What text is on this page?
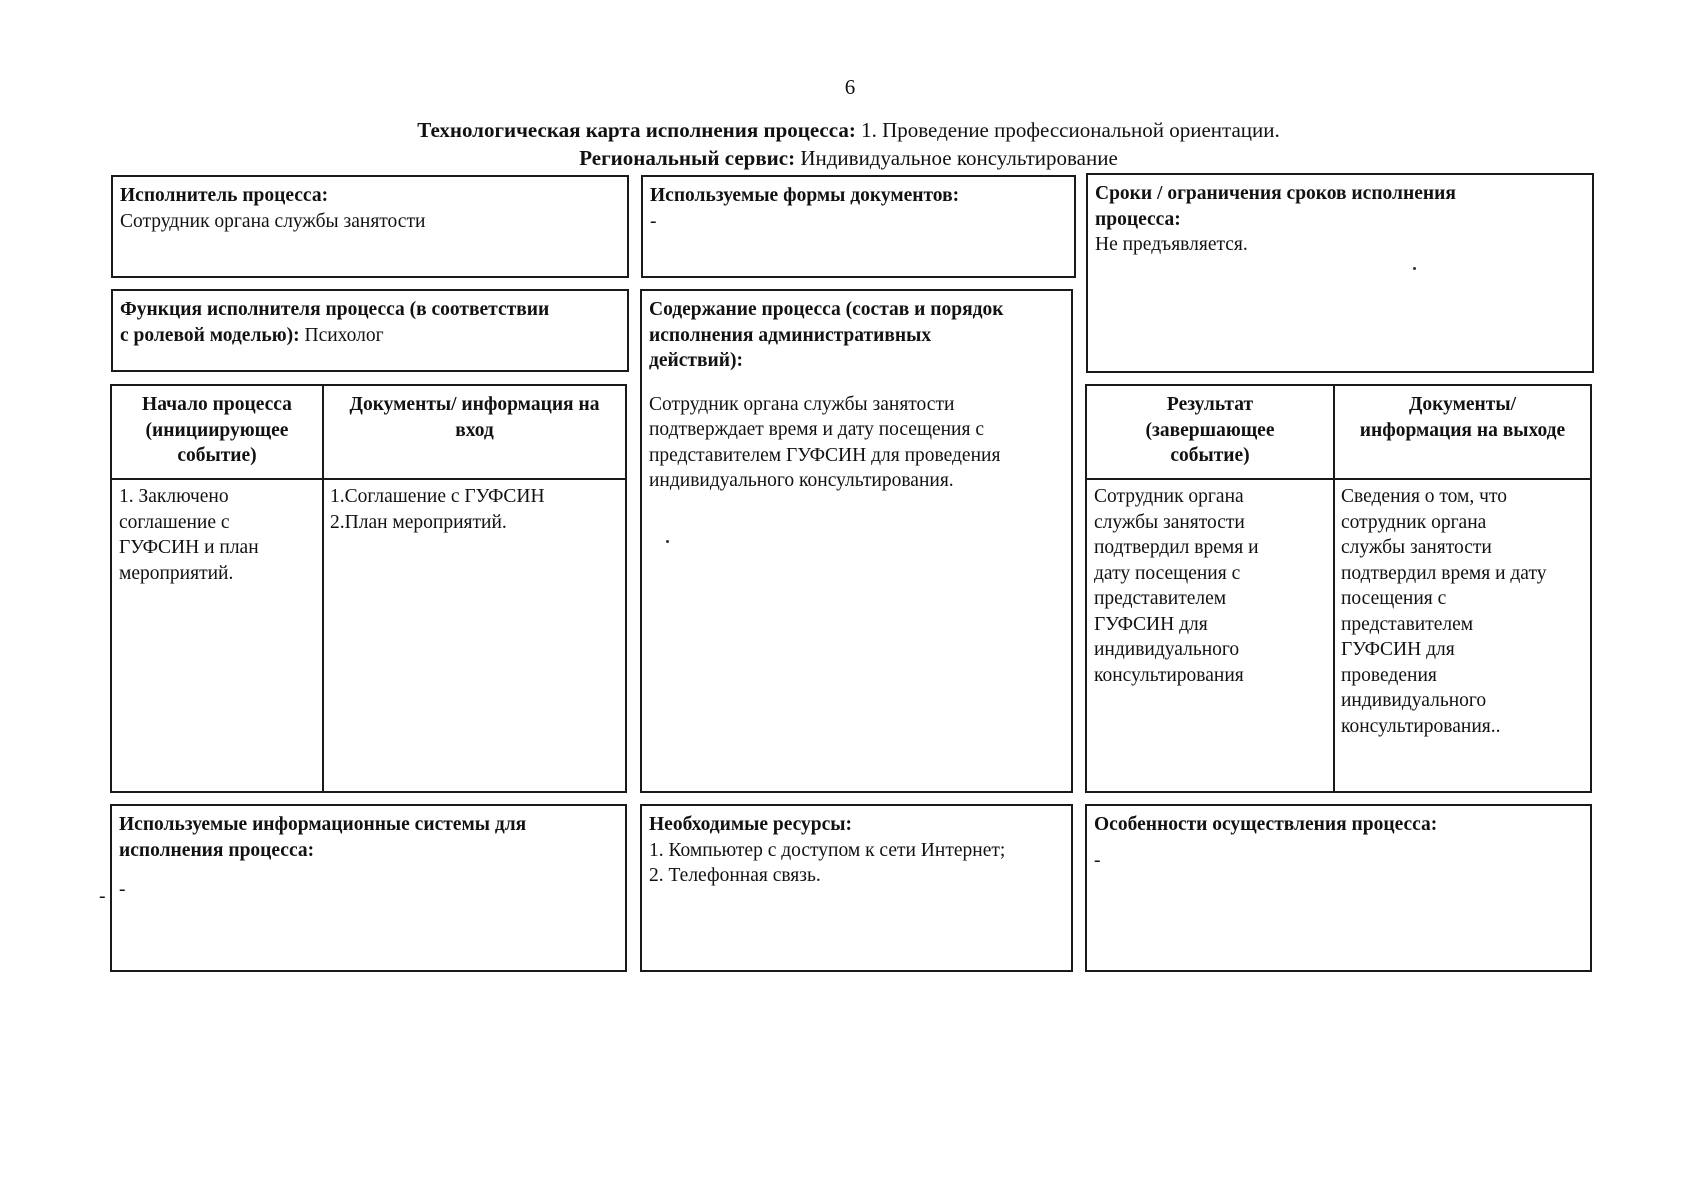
6
Технологическая карта исполнения процесса: 1. Проведение профессиональной ориентации.
Региональный сервис: Индивидуальное консультирование
Исполнитель процесса:
Сотрудник органа службы занятости
Используемые формы документов:
-
Сроки / ограничения сроков исполнения
процесса:
Не предъявляется.
Функция исполнителя процесса (в соответствии
с ролевой моделью): Психолог
Содержание процесса (состав и порядок
исполнения административных
действий):
Сотрудник органа службы занятости
подтверждает время и дату посещения с
представителем ГУФСИН для проведения
индивидуального консультирования.
Начало процесса
(инициирующее
событие)
Документы/ информация на
вход
1. Заключено
соглашение с
ГУФСИН и план
мероприятий.
1.Соглашение с ГУФСИН
2.План мероприятий.
Результат
(завершающее
событие)
Документы/
информация на выходе
Сотрудник органа
службы занятости
подтвердил время и
дату посещения с
представителем
ГУФСИН для
индивидуального
консультирования
Сведения о том, что
сотрудник органа
службы занятости
подтвердил время и дату
посещения с
представителем
ГУФСИН для
проведения
индивидуального
консультирования..
-
Используемые информационные системы для
исполнения процесса:
-
Необходимые ресурсы:
1. Компьютер с доступом к сети Интернет;
2. Телефонная связь.
Особенности осуществления процесса:
-
